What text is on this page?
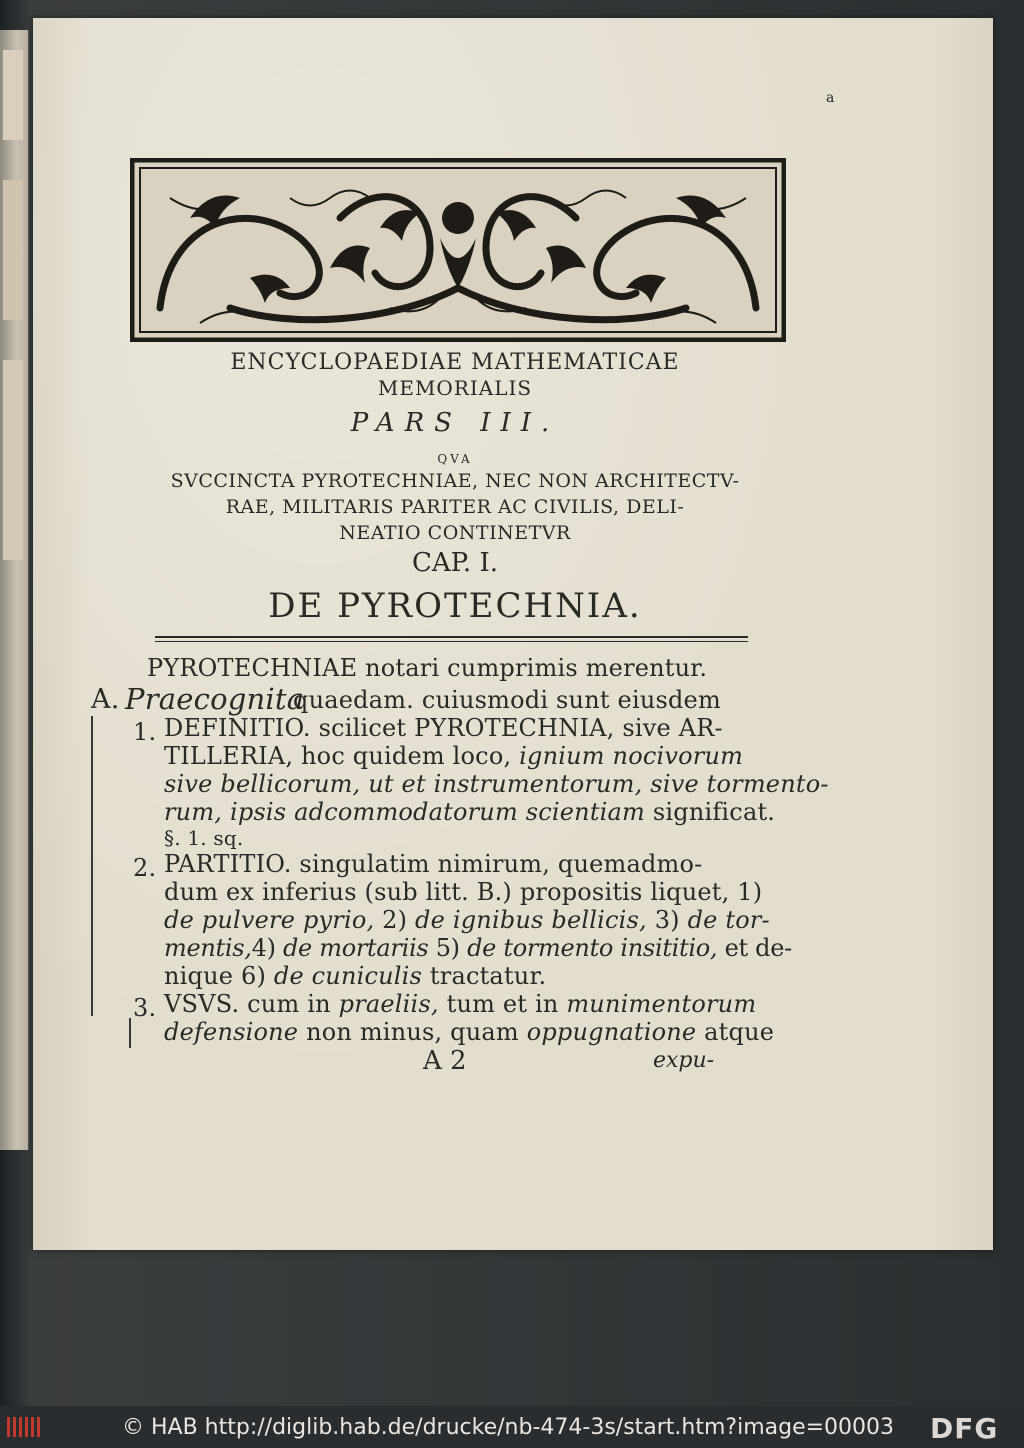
a
ENCYCLOPAEDIAE MATHEMATICAE
MEMORIALIS
PARS III.
QVA
SVCCINCTA PYROTECHNIAE, NEC NON ARCHITECTV-
RAE, MILITARIS PARITER AC CIVILIS, DELI-
NEATIO CONTINETVR
CAP. I.
DE PYROTECHNIA.
PYROTECHNIAE notari cumprimis merentur.
A. Praecognita
quaedam. cuiusmodi sunt eiusdem
1. DEFINITIO. scilicet PYROTECHNIA, sive AR-
TILLERIA, hoc quidem loco, ignium nocivorum
sive bellicorum, ut et instrumentorum, sive tormento-
rum, ipsis adcommodatorum scientiam significat.
§. 1. sq.
2. PARTITIO. singulatim nimirum, quemadmo-
dum ex inferius (sub litt. B.) propositis liquet, 1)
de pulvere pyrio, 2) de ignibus bellicis, 3) de tor-
mentis,4) de mortariis 5) de tormento insititio, et de-
nique 6) de cuniculis tractatur.
3. VSVS. cum in praeliis, tum et in munimentorum
defensione non minus, quam oppugnatione atque
A 2	expu-
© HAB http://diglib.hab.de/drucke/nb-474-3s/start.htm?image=00003 DFG
